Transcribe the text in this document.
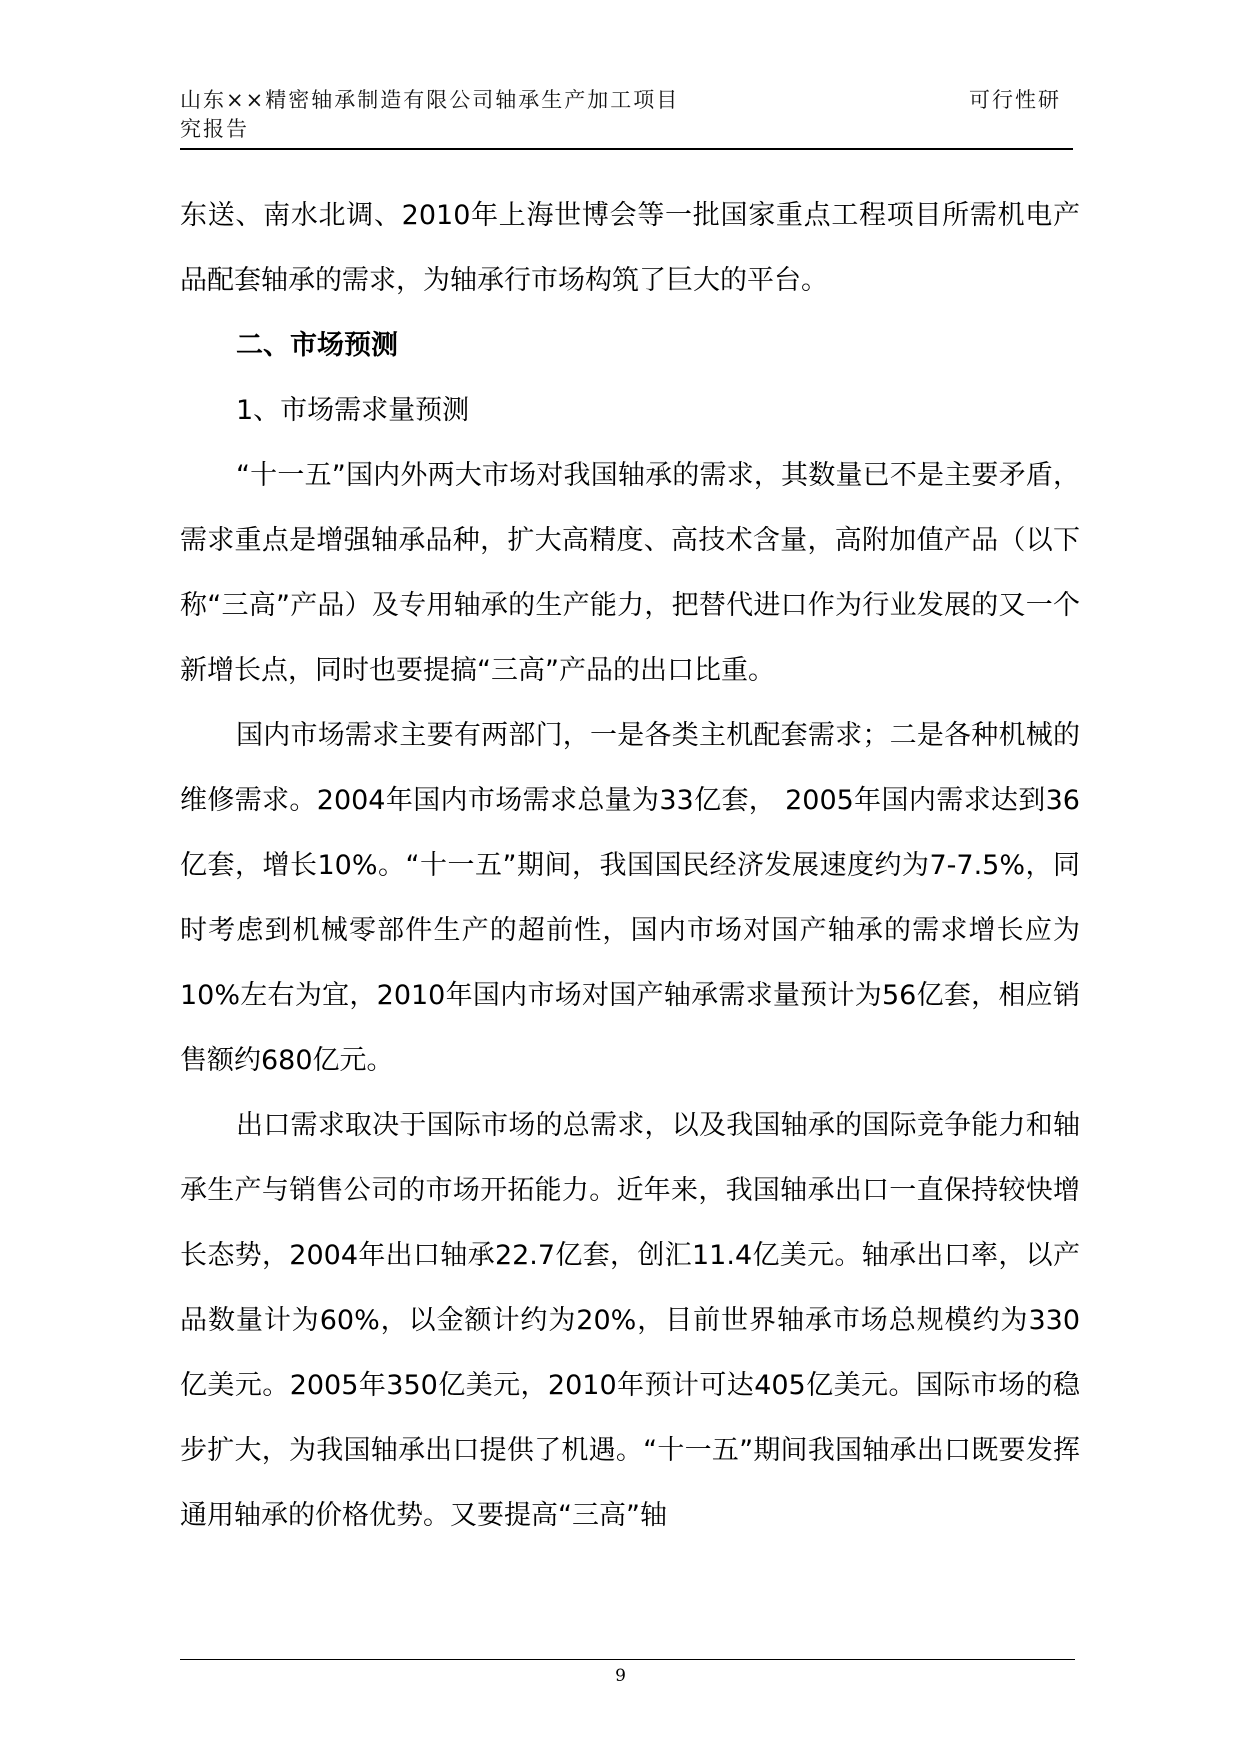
山东××精密轴承制造有限公司轴承生产加工项目
究报告
可行性研

东送、南水北调、2010年上海世博会等一批国家重点工程项目所需机电产品配套轴承的需求，为轴承行市场构筑了巨大的平台。

二、市场预测

1、市场需求量预测

“十一五”国内外两大市场对我国轴承的需求，其数量已不是主要矛盾，需求重点是增强轴承品种，扩大高精度、高技术含量，高附加值产品（以下称“三高”产品）及专用轴承的生产能力，把替代进口作为行业发展的又一个新增长点，同时也要提搞“三高”产品的出口比重。

国内市场需求主要有两部门，一是各类主机配套需求；二是各种机械的维修需求。2004年国内市场需求总量为33亿套， 2005年国内需求达到36亿套，增长10%。“十一五”期间，我国国民经济发展速度约为7-7.5%，同时考虑到机械零部件生产的超前性，国内市场对国产轴承的需求增长应为10%左右为宜，2010年国内市场对国产轴承需求量预计为56亿套，相应销售额约680亿元。

出口需求取决于国际市场的总需求，以及我国轴承的国际竞争能力和轴承生产与销售公司的市场开拓能力。近年来，我国轴承出口一直保持较快增长态势，2004年出口轴承22.7亿套，创汇11.4亿美元。轴承出口率，以产品数量计为60%，以金额计约为20%，目前世界轴承市场总规模约为330亿美元。2005年350亿美元，2010年预计可达405亿美元。国际市场的稳步扩大，为我国轴承出口提供了机遇。“十一五”期间我国轴承出口既要发挥通用轴承的价格优势。又要提高“三高”轴

9
